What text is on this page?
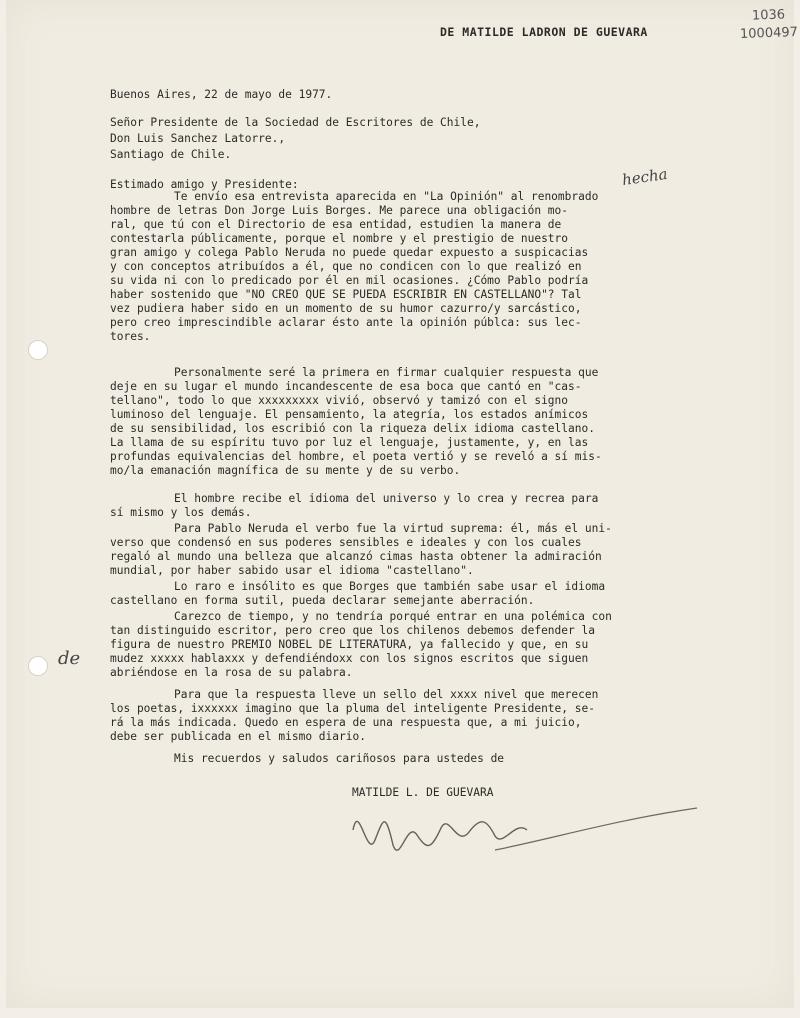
1036
1000497
DE MATILDE LADRON DE GUEVARA
Buenos Aires, 22 de mayo de 1977.
Señor Presidente de la Sociedad de Escritores de Chile,
Don Luis Sanchez Latorre.,
Santiago de Chile.
Estimado amigo y Presidente:	hecha
Te envío esa entrevista aparecida en "La Opinión" al renombrado
hombre de letras Don Jorge Luis Borges. Me parece una obligación mo-
ral, que tú con el Directorio de esa entidad, estudien la manera de
contestarla públicamente, porque el nombre y el prestigio de nuestro
gran amigo y colega Pablo Neruda no puede quedar expuesto a suspicacias
y con conceptos atribuídos a él, que no condicen con lo que realizó en
su vida ni con lo predicado por él en mil ocasiones. ¿Cómo Pablo podría
haber sostenido que "NO CREO QUE SE PUEDA ESCRIBIR EN CASTELLANO"? Tal
vez pudiera haber sido en un momento de su humor cazurro/y sarcástico,
pero creo imprescindible aclarar ésto ante la opinión públca: sus lec-
tores.
Personalmente seré la primera en firmar cualquier respuesta que
deje en su lugar el mundo incandescente de esa boca que cantó en "cas-
tellano", todo lo que xxxxxxxxx vivió, observó y tamizó con el signo
luminoso del lenguaje. El pensamiento, la ategría, los estados anímicos
de su sensibilidad, los escribió con la riqueza delix idioma castellano.
La llama de su espíritu tuvo por luz el lenguaje, justamente, y, en las
profundas equivalencias del hombre, el poeta vertió y se reveló a sí mis-
mo/la emanación magnífica de su mente y de su verbo.
El hombre recibe el idioma del universo y lo crea y recrea para
sí mismo y los demás.
Para Pablo Neruda el verbo fue la virtud suprema: él, más el uni-
verso que condensó en sus poderes sensibles e ideales y con los cuales
regaló al mundo una belleza que alcanzó cimas hasta obtener la admiración
mundial, por haber sabido usar el idioma "castellano".
Lo raro e insólito es que Borges que también sabe usar el idioma
castellano en forma sutil, pueda declarar semejante aberración.
Carezco de tiempo, y no tendría porqué entrar en una polémica con
tan distinguido escritor, pero creo que los chilenos debemos defender la
figura de nuestro PREMIO NOBEL DE LITERATURA, ya fallecido y que, en su
mudez xxxxx hablaxxx y defendiéndoxx con los signos escritos que siguen
abriéndose en la rosa de su palabra.
Para que la respuesta lleve un sello del xxxx nivel que merecen
los poetas, ixxxxxx imagino que la pluma del inteligente Presidente, se-
rá la más indicada. Quedo en espera de una respuesta que, a mi juicio,
debe ser publicada en el mismo diario.
Mis recuerdos y saludos cariñosos para ustedes de
de
MATILDE L. DE GUEVARA
